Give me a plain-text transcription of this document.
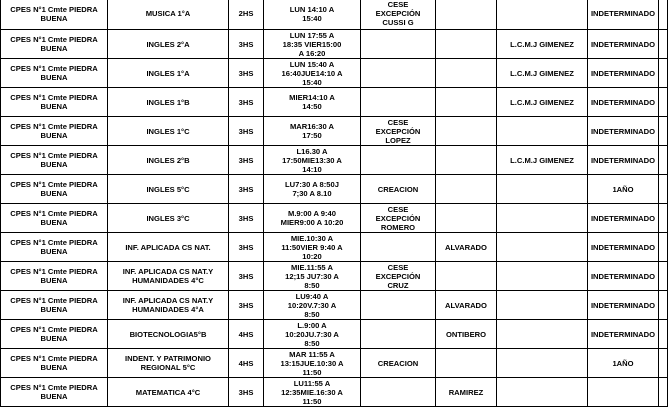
CPES N°1 Cmte PIEDRA
BUENA	MUSICA 1°A	2HS	LUN 14:10 A
15:40	CESE
EXCEPCIÓN
CUSSI G			INDETERMINADO	
CPES N°1 Cmte PIEDRA
BUENA	INGLES 2°A	3HS	LUN 17:55 A
18:35 VIER15:00
A 16:20			L.C.M.J GIMENEZ	INDETERMINADO	
CPES N°1 Cmte PIEDRA
BUENA	INGLES 1°A	3HS	LUN 15:40 A
16:40JUE14:10 A
15:40			L.C.M.J GIMENEZ	INDETERMINADO	
CPES N°1 Cmte PIEDRA
BUENA	INGLES 1°B	3HS	MIER14:10 A
14:50			L.C.M.J GIMENEZ	INDETERMINADO	
CPES N°1 Cmte PIEDRA
BUENA	INGLES 1°C	3HS	MAR16:30 A
17:50	CESE
EXCEPCIÓN
LOPEZ			INDETERMINADO	
CPES N°1 Cmte PIEDRA
BUENA	INGLES 2°B	3HS	L16.30 A
17:50MIE13:30 A
14:10			L.C.M.J GIMENEZ	INDETERMINADO	
CPES N°1 Cmte PIEDRA
BUENA	INGLES 5°C	3HS	LU7:30 A 8:50J
7;30 A 8.10	CREACION			1AÑO	
CPES N°1 Cmte PIEDRA
BUENA	INGLES 3°C	3HS	M.9:00 A 9:40
MIER9:00 A 10:20	CESE
EXCEPCIÓN
ROMERO			INDETERMINADO	
CPES N°1 Cmte PIEDRA
BUENA	INF. APLICADA CS NAT.	3HS	MIE.10:30 A
11:50VIER 9:40 A
10:20		ALVARADO		INDETERMINADO	
CPES N°1 Cmte PIEDRA
BUENA	INF. APLICADA CS NAT.Y
HUMANIDADES 4°C	3HS	MIE.11:55 A
12;15 JU7:30 A
8:50	CESE
EXCEPCIÓN
CRUZ			INDETERMINADO	
CPES N°1 Cmte PIEDRA
BUENA	INF. APLICADA CS NAT.Y
HUMANIDADES 4°A	3HS	LU9:40 A
10:20V.7:30 A
8:50		ALVARADO		INDETERMINADO	
CPES N°1 Cmte PIEDRA
BUENA	BIOTECNOLOGIA5°B	4HS	L.9:00 A
10:20JU.7:30 A
8:50		ONTIBERO		INDETERMINADO	
CPES N°1 Cmte PIEDRA
BUENA	INDENT. Y PATRIMONIO
REGIONAL 5°C	4HS	MAR 11:55 A
13:15JUE.10:30 A
11:50	CREACION			1AÑO	
CPES N°1 Cmte PIEDRA
BUENA	MATEMATICA 4°C	3HS	LU11:55 A
12:35MIE.16:30 A
11:50		RAMIREZ			
